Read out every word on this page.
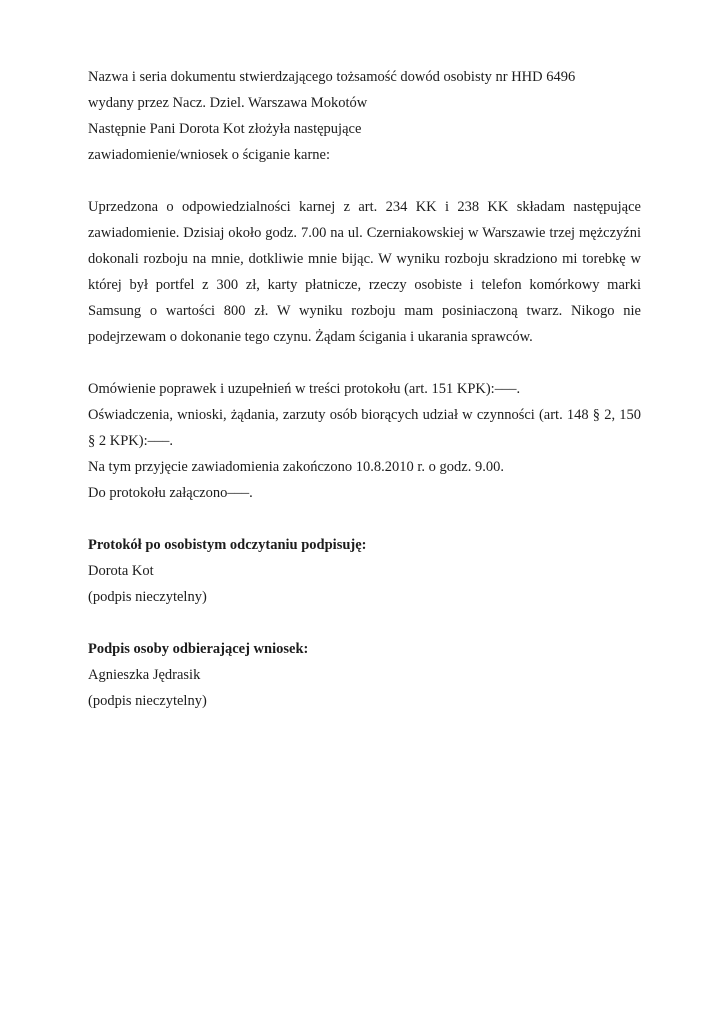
Nazwa i seria dokumentu stwierdzającego tożsamość dowód osobisty nr HHD 6496

wydany przez Nacz. Dziel. Warszawa Mokotów

Następnie Pani Dorota Kot złożyła następujące

zawiadomienie/wniosek o ściganie karne:

Uprzedzona o odpowiedzialności karnej z art. 234 KK i 238 KK składam następujące zawiadomienie. Dzisiaj około godz. 7.00 na ul. Czerniakowskiej w Warszawie trzej mężczyźni dokonali rozboju na mnie, dotkliwie mnie bijąc. W wyniku rozboju skradziono mi torebkę w której był portfel z 300 zł, karty płatnicze, rzeczy osobiste i telefon komórkowy marki Samsung o wartości 800 zł. W wyniku rozboju mam posiniaczoną twarz. Nikogo nie podejrzewam o dokonanie tego czynu. Żądam ścigania i ukarania sprawców.

Omówienie poprawek i uzupełnień w treści protokołu (art. 151 KPK):–––.

Oświadczenia, wnioski, żądania, zarzuty osób biorących udział w czynności (art. 148 § 2, 150 § 2 KPK):–––.

Na tym przyjęcie zawiadomienia zakończono 10.8.2010 r. o godz. 9.00.

Do protokołu załączono–––.

Protokół po osobistym odczytaniu podpisuję:

Dorota Kot

(podpis nieczytelny)

Podpis osoby odbierającej wniosek:

Agnieszka Jędrasik

(podpis nieczytelny)
